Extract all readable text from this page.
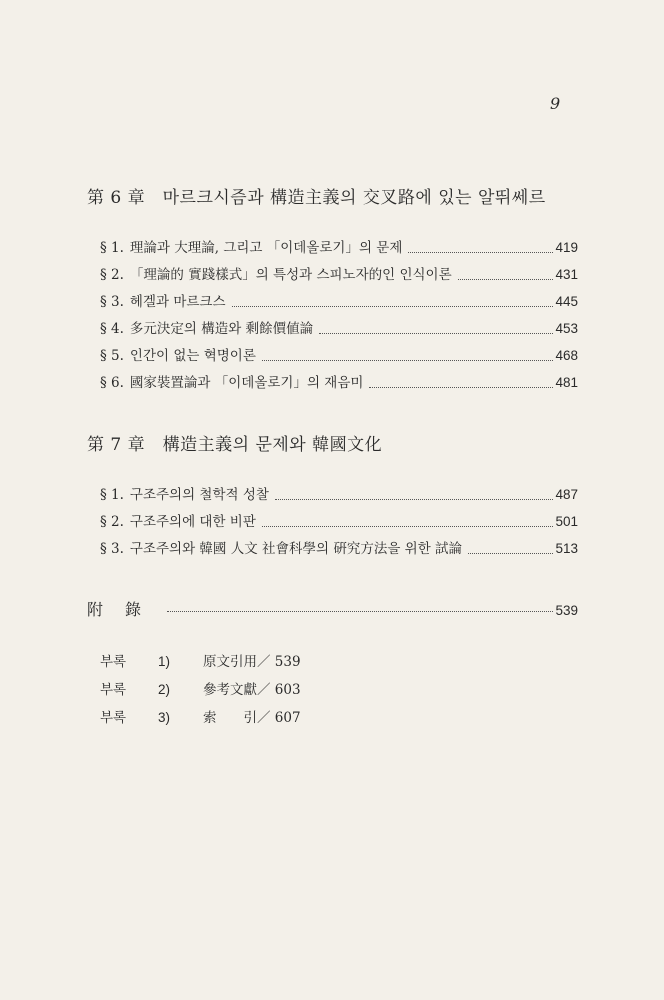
9
第 6 章　마르크시즘과 構造主義의 交叉路에 있는 알뛰쎄르
§ 1. 理論과 大理論, 그리고 「이데올로기」의 문제	419
§ 2. 「理論的 實踐樣式」의 특성과 스피노자的인 인식이론	431
§ 3. 헤겔과 마르크스	445
§ 4. 多元決定의 構造와 剩餘價値論	453
§ 5. 인간이 없는 혁명이론	468
§ 6. 國家裝置論과 「이데올로기」의 재음미	481
第 7 章　構造主義의 문제와 韓國文化
§ 1. 구조주의의 철학적 성찰	487
§ 2. 구조주의에 대한 비판	501
§ 3. 구조주의와 韓國 人文 社會科學의 硏究方法을 위한 試論	513
附錄	539
부록	1)	原文引用／ 539
부록	2)	參考文獻／ 603
부록	3)	索　　引／ 607
